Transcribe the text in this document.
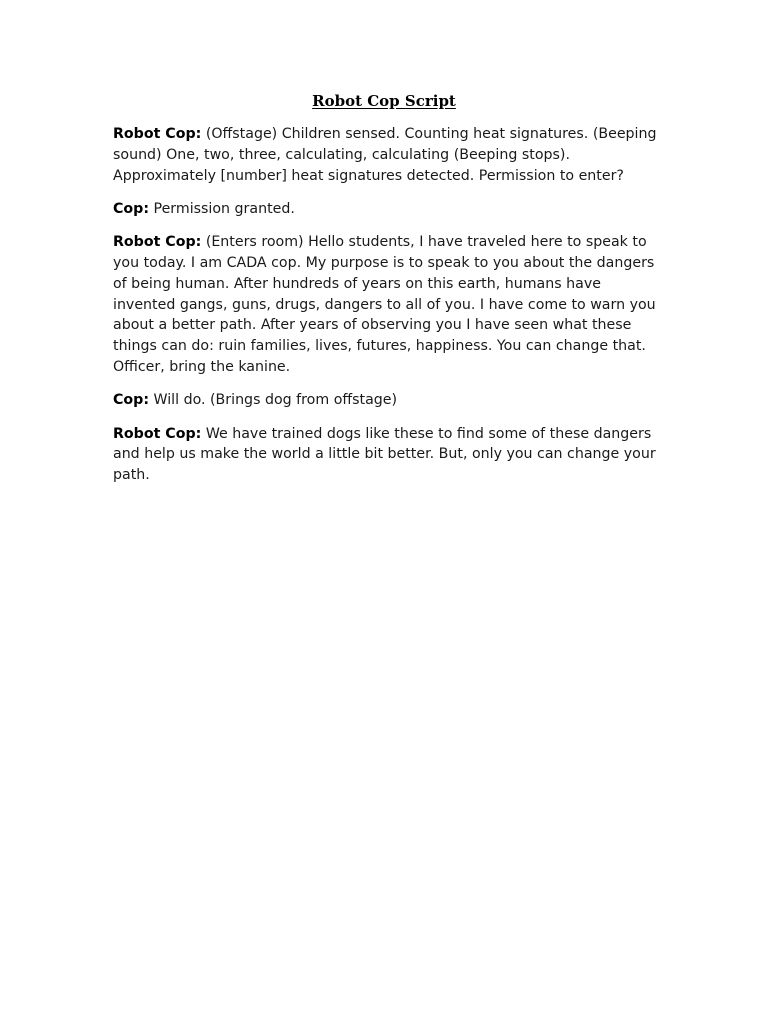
Robot Cop Script

Robot Cop: (Offstage) Children sensed. Counting heat signatures. (Beeping sound) One, two, three, calculating, calculating (Beeping stops). Approximately [number] heat signatures detected. Permission to enter?

Cop: Permission granted.

Robot Cop: (Enters room) Hello students, I have traveled here to speak to you today. I am CADA cop. My purpose is to speak to you about the dangers of being human. After hundreds of years on this earth, humans have invented gangs, guns, drugs, dangers to all of you. I have come to warn you about a better path. After years of observing you I have seen what these things can do: ruin families, lives, futures, happiness. You can change that. Officer, bring the kanine.

Cop: Will do. (Brings dog from offstage)

Robot Cop: We have trained dogs like these to find some of these dangers and help us make the world a little bit better. But, only you can change your path.
